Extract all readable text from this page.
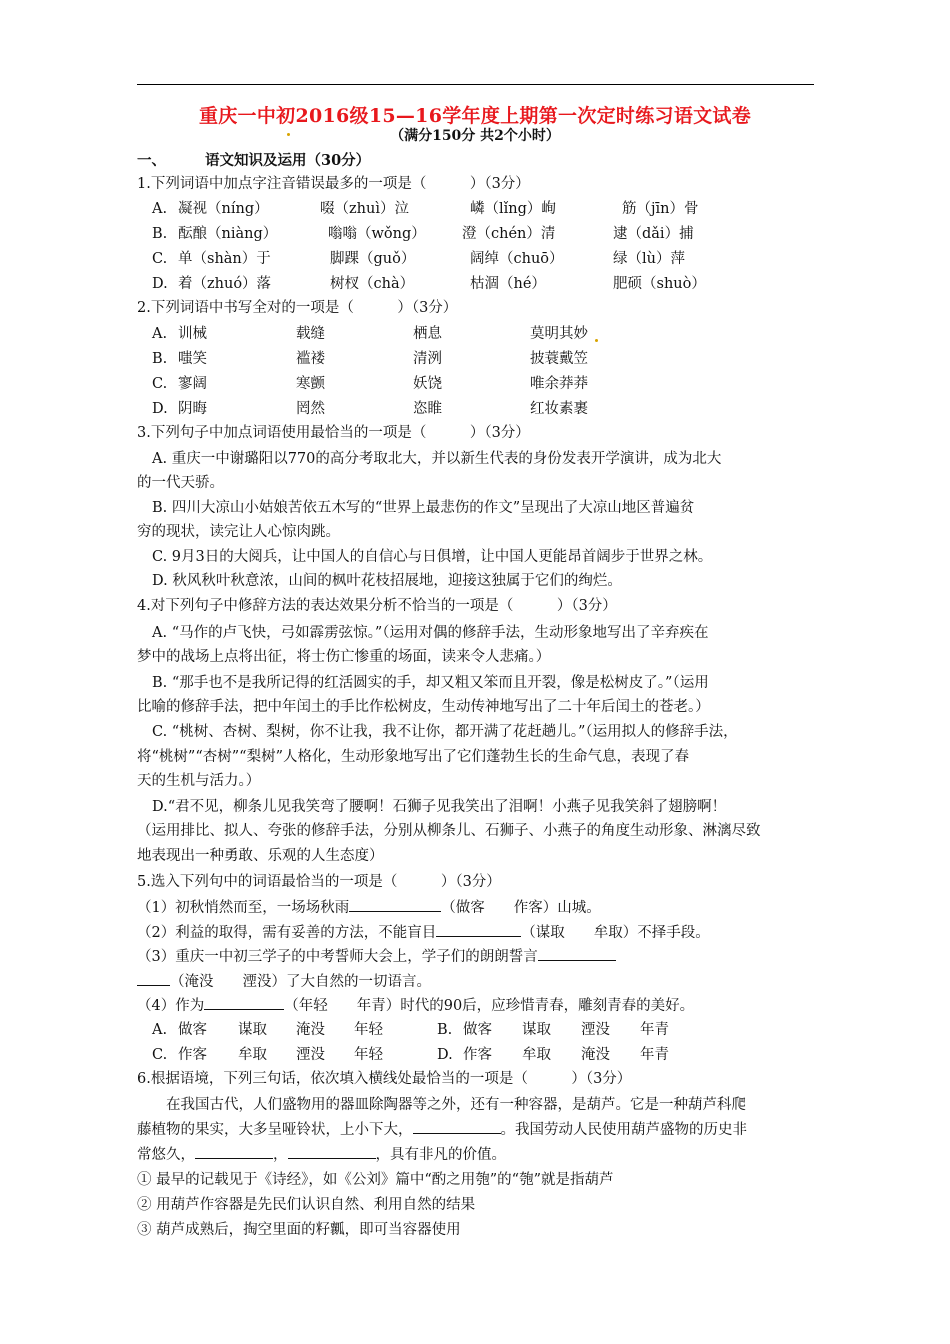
重庆一中初2016级15—16学年度上期第一次定时练习语文试卷
（满分150分 共2个小时）
一、	语文知识及运用（30分）
1.下列词语中加点字注音错误最多的一项是（　　　）（3分）
A. 凝视（níng）	啜（zhuì）泣	嶙（lǐng）峋	筋（jīn）骨
B. 酝酿（niàng）	嗡嗡（wǒng） 澄（chén）清	逮（dǎi）捕
C. 单（shàn）于	脚踝（guǒ）	阔绰（chuō）	绿（lù）萍
D. 着（zhuó）落	树杈（chà）	枯涸（hé）	肥硕（shuò）
2.下列词语中书写全对的一项是（　　　）（3分）
A. 训械	载缝	栖息	莫明其妙
B. 嗤笑	褴褛	清洌	披蓑戴笠
C. 寥阔	寒颤	妖饶	唯余莽莽
D. 阴晦	罔然	恣睢	红妆素裹
3.下列句子中加点词语使用最恰当的一项是（　　　）（3分）
A. 重庆一中谢璐阳以770的高分考取北大，并以新生代表的身份发表开学演讲，成为北大
的一代天骄。
B. 四川大凉山小姑娘苦依五木写的“世界上最悲伤的作文”呈现出了大凉山地区普遍贫
穷的现状，读完让人心惊肉跳。
C. 9月3日的大阅兵，让中国人的自信心与日俱增，让中国人更能昂首阔步于世界之林。
D. 秋风秋叶秋意浓，山间的枫叶花枝招展地，迎接这独属于它们的绚烂。
4.对下列句子中修辞方法的表达效果分析不恰当的一项是（　　　）（3分）
A. “马作的卢飞快，弓如霹雳弦惊。”（运用对偶的修辞手法，生动形象地写出了辛弃疾在
梦中的战场上点将出征，将士伤亡惨重的场面，读来令人悲痛。）
B. “那手也不是我所记得的红活圆实的手，却又粗又笨而且开裂，像是松树皮了。”（运用
比喻的修辞手法，把中年闰土的手比作松树皮，生动传神地写出了二十年后闰土的苍老。）
C. “桃树、杏树、梨树，你不让我，我不让你，都开满了花赶趟儿。”（运用拟人的修辞手法，
将“桃树”“杏树”“梨树”人格化，生动形象地写出了它们蓬勃生长的生命气息，表现了春
天的生机与活力。）
D.“君不见，柳条儿见我笑弯了腰啊！石狮子见我笑出了泪啊！小燕子见我笑斜了翅膀啊！
（运用排比、拟人、夸张的修辞手法，分别从柳条儿、石狮子、小燕子的角度生动形象、淋漓尽致
地表现出一种勇敢、乐观的人生态度）
5.选入下列句中的词语最恰当的一项是（　　　）（3分）
（1）初秋悄然而至，一场场秋雨	（做客　　作客）山城。
（2）利益的取得，需有妥善的方法，不能盲目	（谋取　　牟取）不择手段。
（3）重庆一中初三学子的中考誓师大会上，学子们的朗朗誓言
（淹没　　湮没）了大自然的一切语言。
（4）作为	（年轻　　年青）时代的90后，应珍惜青春，雕刻青春的美好。
A. 做客 谋取 淹没 年轻	B. 做客 谋取 湮没 年青
C. 作客 牟取 湮没 年轻	D. 作客 牟取 淹没 年青
6.根据语境，下列三句话，依次填入横线处最恰当的一项是（　　　）（3分）
在我国古代，人们盛物用的器皿除陶器等之外，还有一种容器，是葫芦。它是一种葫芦科爬
藤植物的果实，大多呈哑铃状，上小下大，	。我国劳动人民使用葫芦盛物的历史非
常悠久，	，	，具有非凡的价值。
① 最早的记载见于《诗经》，如《公刘》篇中“酌之用匏”的“匏”就是指葫芦
② 用葫芦作容器是先民们认识自然、利用自然的结果
③ 葫芦成熟后，掏空里面的籽瓤，即可当容器使用
